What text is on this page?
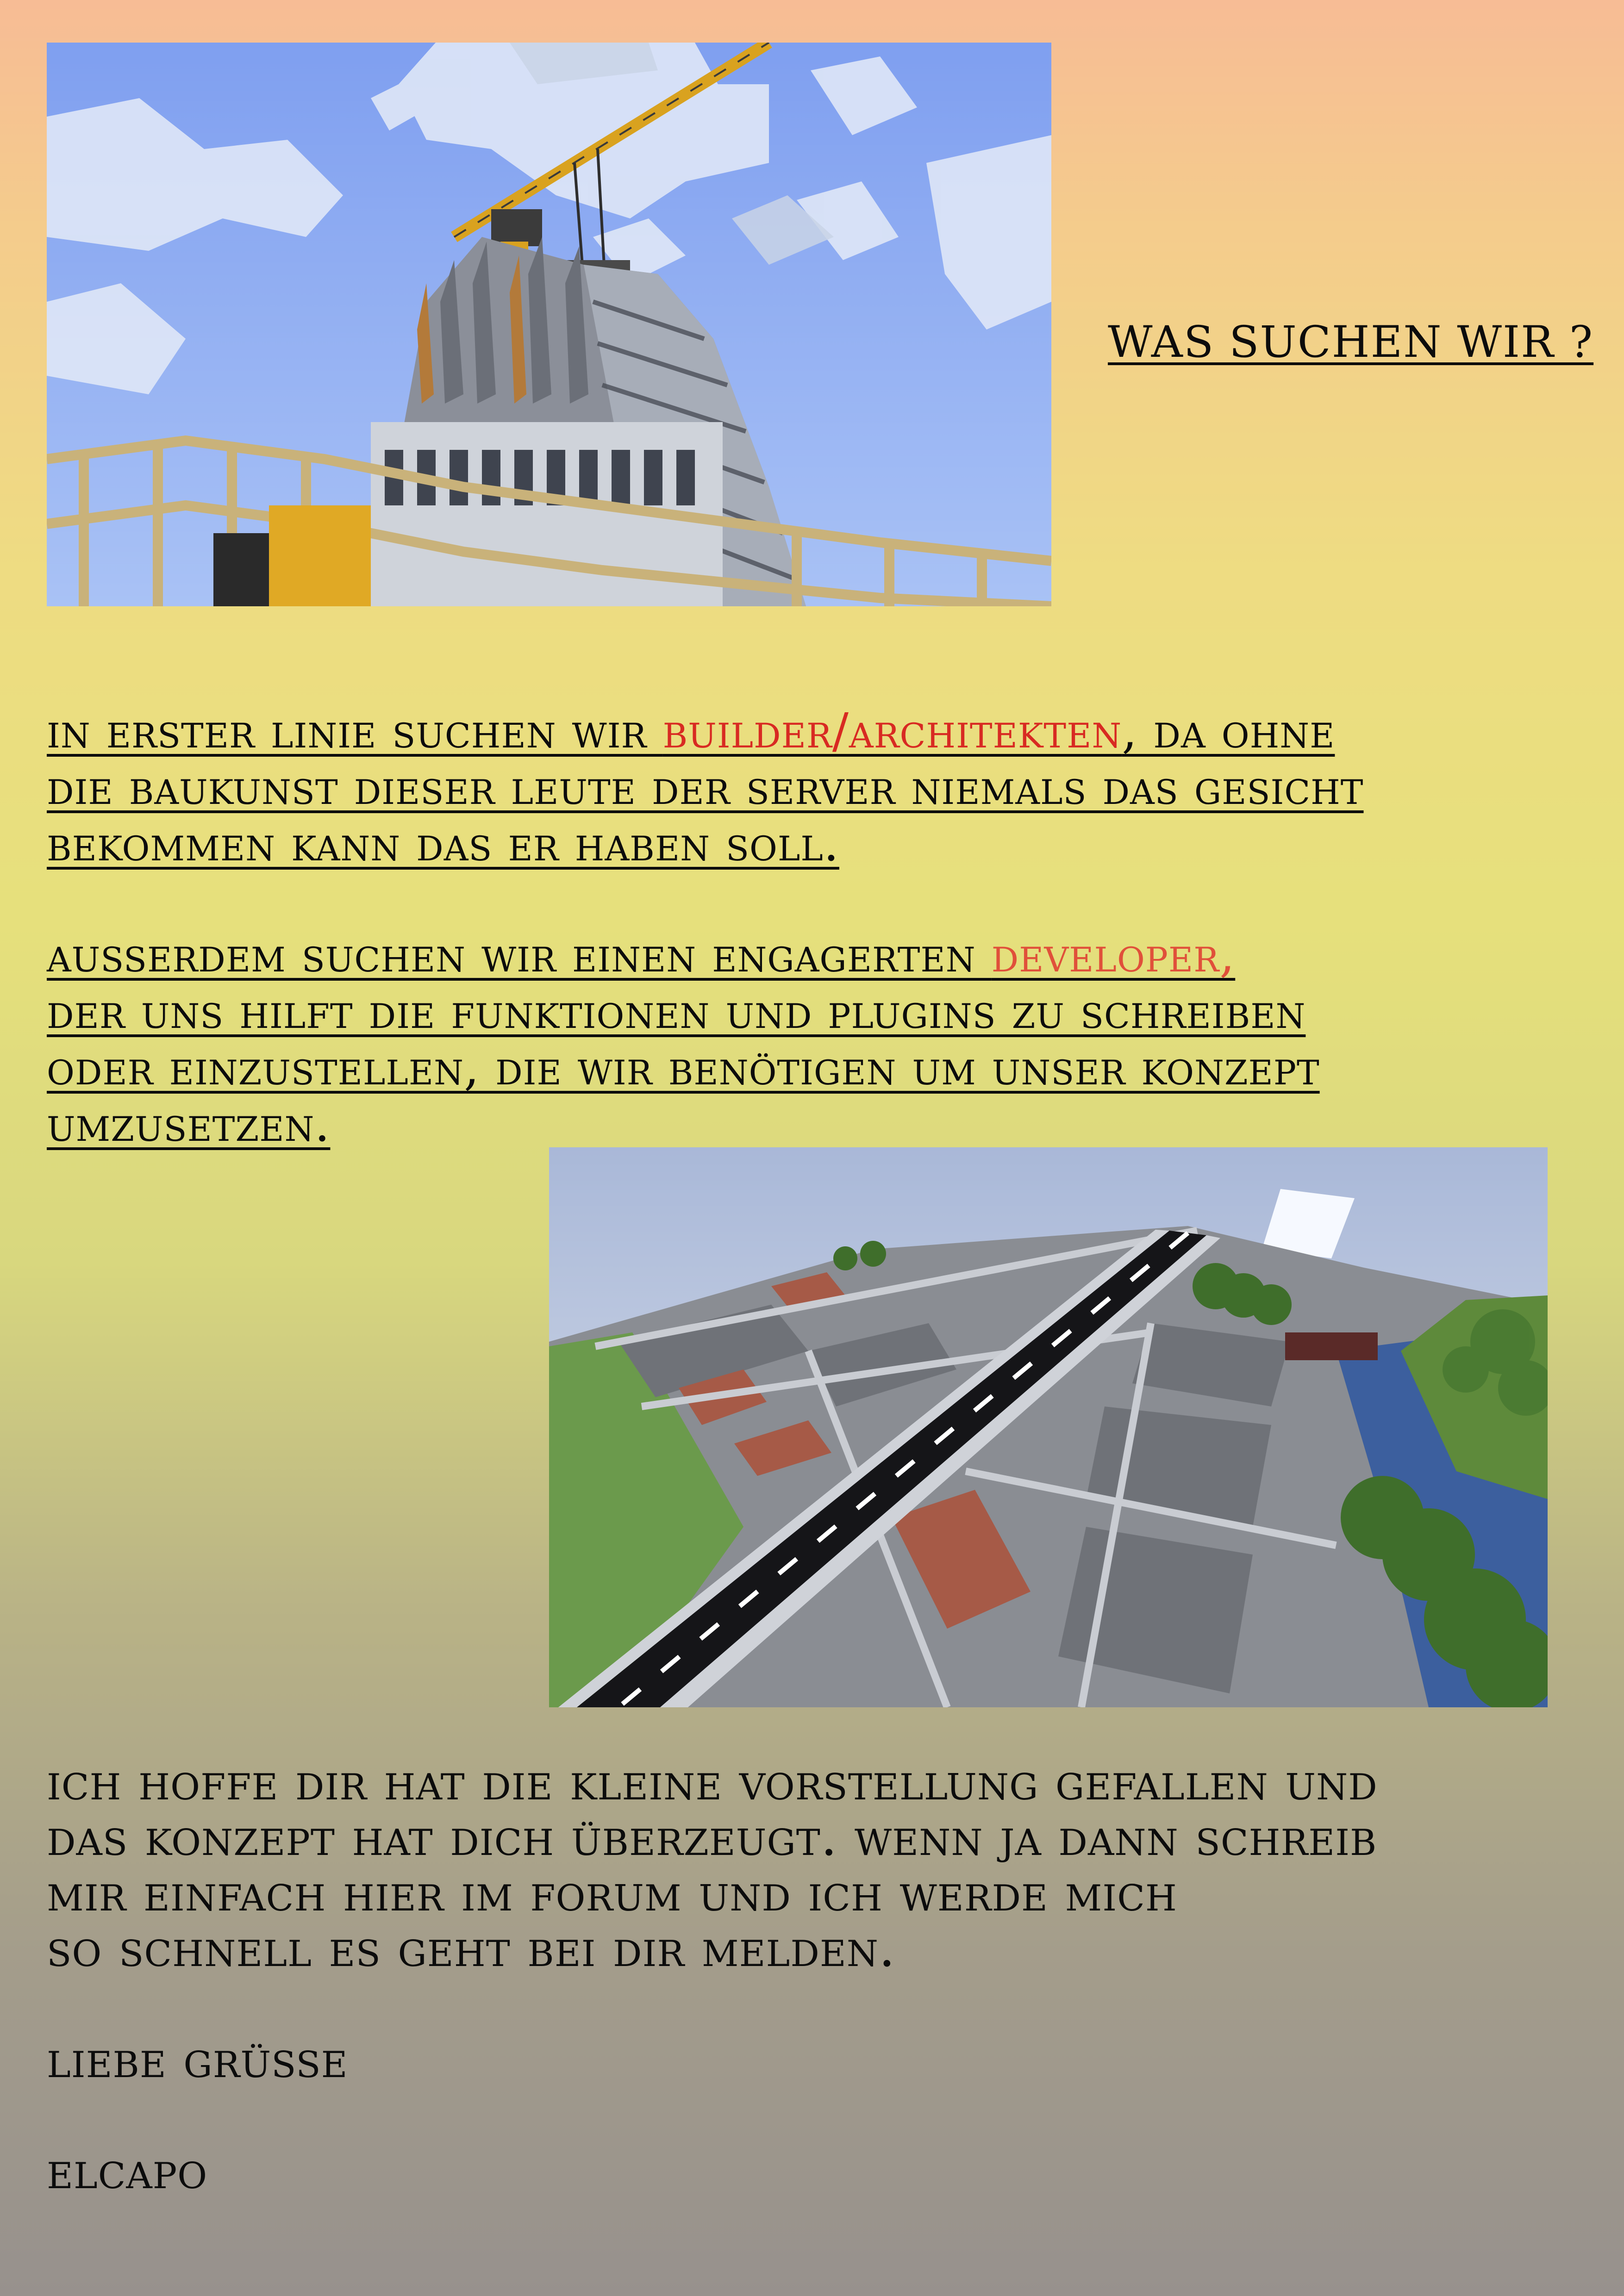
WAS SUCHEN WIR ?
in erster linie suchen wir builder/architekten, da ohne
die baukunst dieser leute der server niemals das gesicht
bekommen kann das er haben soll.
ausserdem suchen wir einen engagerten developer,
der uns hilft die funktionen und plugins zu schreiben
oder einzustellen, die wir benötigen um unser konzept
umzusetzen.
ich hoffe dir hat die kleine vorstellung gefallen und
das konzept hat dich überzeugt. wenn ja dann schreib
mir einfach hier im forum und ich werde mich
so schnell es geht bei dir melden.
liebe grüsse
elcapo
